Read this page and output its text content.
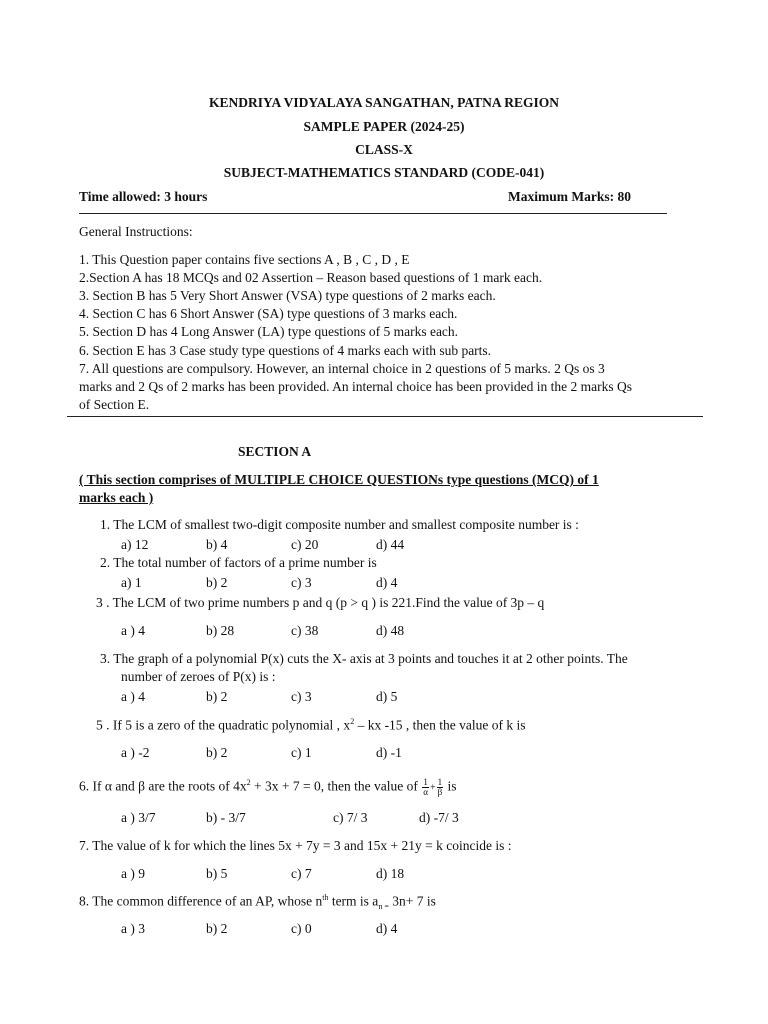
KENDRIYA VIDYALAYA SANGATHAN, PATNA REGION
SAMPLE PAPER (2024-25)
CLASS-X
SUBJECT-MATHEMATICS STANDARD (CODE-041)
Time allowed: 3 hours	Maximum Marks: 80
General Instructions:
1. This Question paper contains five sections A , B , C , D , E
2.Section A has 18 MCQs and 02 Assertion – Reason based questions of 1 mark each.
3. Section B has 5 Very Short Answer (VSA) type questions of 2 marks each.
4. Section C has 6 Short Answer (SA) type questions of 3 marks each.
5. Section D has 4 Long Answer (LA) type questions of 5 marks each.
6. Section E has 3 Case study type questions of 4 marks each with sub parts.
7. All questions are compulsory. However, an internal choice in 2 questions of 5 marks. 2 Qs os 3
marks and 2 Qs of 2 marks has been provided. An internal choice has been provided in the 2 marks Qs
of Section E.
SECTION A
( This section comprises of MULTIPLE CHOICE QUESTIONs type questions (MCQ) of 1
marks each )
1. The LCM of smallest two-digit composite number and smallest composite number is :
a) 12	b) 4	c) 20	d) 44
2. The total number of factors of a prime number is
a) 1	b) 2	c) 3	d) 4
3 . The LCM of two prime numbers p and q (p > q ) is 221.Find the value of 3p – q
a ) 4	b) 28	c) 38	d) 48
3. The graph of a polynomial P(x) cuts the X- axis at 3 points and touches it at 2 other points. The
number of zeroes of P(x) is :
a ) 4	b) 2	c) 3	d) 5
5 . If 5 is a zero of the quadratic polynomial , $x^2$ – kx -15 , then the value of k is
a ) -2	b) 2	c) 1	d) -1
6. If α and β are the roots of $4x^2 + 3x + 7 = 0$, then the value of $\frac{1}{\alpha} + \frac{1}{\beta}$ is
a ) 3/7	b) - 3/7	c) 7/ 3	d) -7/ 3
7. The value of k for which the lines 5x + 7y = 3 and 15x + 21y = k coincide is :
a ) 9	b) 5	c) 7	d) 18
8. The common difference of an AP, whose $n^{th}$ term is $a_{n =}$ 3n+ 7 is
a ) 3	b) 2	c) 0	d) 4
